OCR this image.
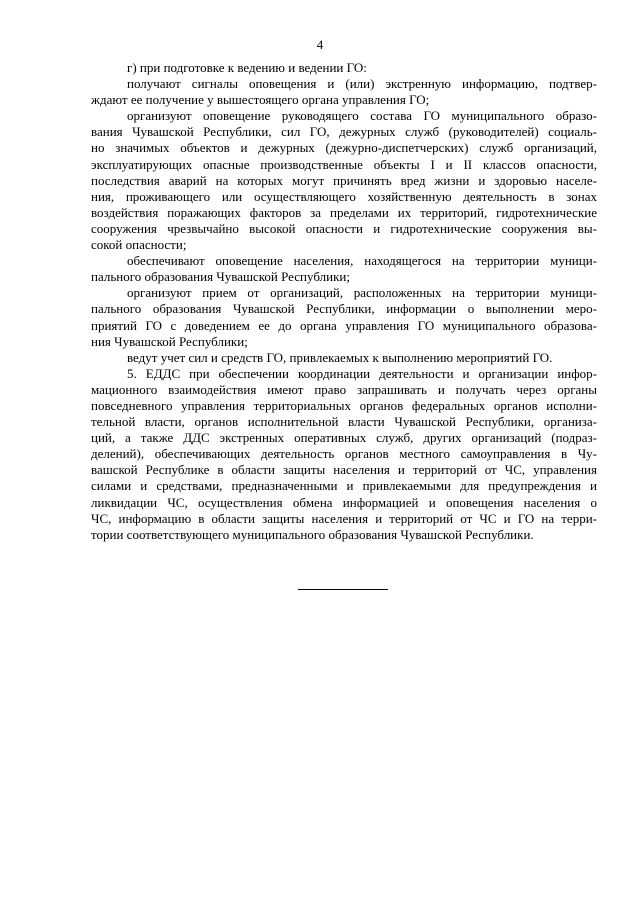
4
г) при подготовке к ведению и ведении ГО:
получают сигналы оповещения и (или) экстренную информацию, подтвер-
ждают ее получение у вышестоящего органа управления ГО;
организуют оповещение руководящего состава ГО муниципального образо-
вания Чувашской Республики, сил ГО, дежурных служб (руководителей) социаль-
но значимых объектов и дежурных (дежурно-диспетчерских) служб организаций,
эксплуатирующих опасные производственные объекты I и II классов опасности,
последствия аварий на которых могут причинять вред жизни и здоровью населе-
ния, проживающего или осуществляющего хозяйственную деятельность в зонах
воздействия поражающих факторов за пределами их территорий, гидротехнические
сооружения чрезвычайно высокой опасности и гидротехнические сооружения вы-
сокой опасности;
обеспечивают оповещение населения, находящегося на территории муници-
пального образования Чувашской Республики;
организуют прием от организаций, расположенных на территории муници-
пального образования Чувашской Республики, информации о выполнении меро-
приятий ГО с доведением ее до органа управления ГО муниципального образова-
ния Чувашской Республики;
ведут учет сил и средств ГО, привлекаемых к выполнению мероприятий ГО.
5. ЕДДС при обеспечении координации деятельности и организации инфор-
мационного взаимодействия имеют право запрашивать и получать через органы
повседневного управления территориальных органов федеральных органов исполни-
тельной власти, органов исполнительной власти Чувашской Республики, организа-
ций, а также ДДС экстренных оперативных служб, других организаций (подраз-
делений), обеспечивающих деятельность органов местного самоуправления в Чу-
вашской Республике в области защиты населения и территорий от ЧС, управления
силами и средствами, предназначенными и привлекаемыми для предупреждения и
ликвидации ЧС, осуществления обмена информацией и оповещения населения о
ЧС, информацию в области защиты населения и территорий от ЧС и ГО на терри-
тории соответствующего муниципального образования Чувашской Республики.
